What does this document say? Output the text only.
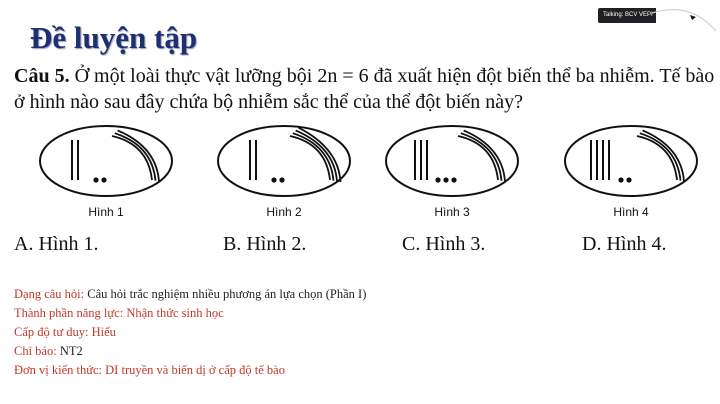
Đề luyện tập
Talking: BCV VEPI
Câu 5. Ở một loài thực vật lưỡng bội 2n = 6 đã xuất hiện đột biến thể ba nhiễm. Tế bào ở hình nào sau đây chứa bộ nhiễm sắc thể của thể đột biến này?
Hình 1	Hình 2	Hình 3	Hình 4
A. Hình 1.	B. Hình 2.	C. Hình 3.	D. Hình 4.
Dạng câu hỏi: Câu hỏi trắc nghiệm nhiều phương án lựa chọn (Phần I)
Thành phần năng lực: Nhận thức sinh học
Cấp độ tư duy: Hiểu
Chỉ báo: NT2
Đơn vị kiến thức: DI truyền và biến dị ở cấp độ tế bào
